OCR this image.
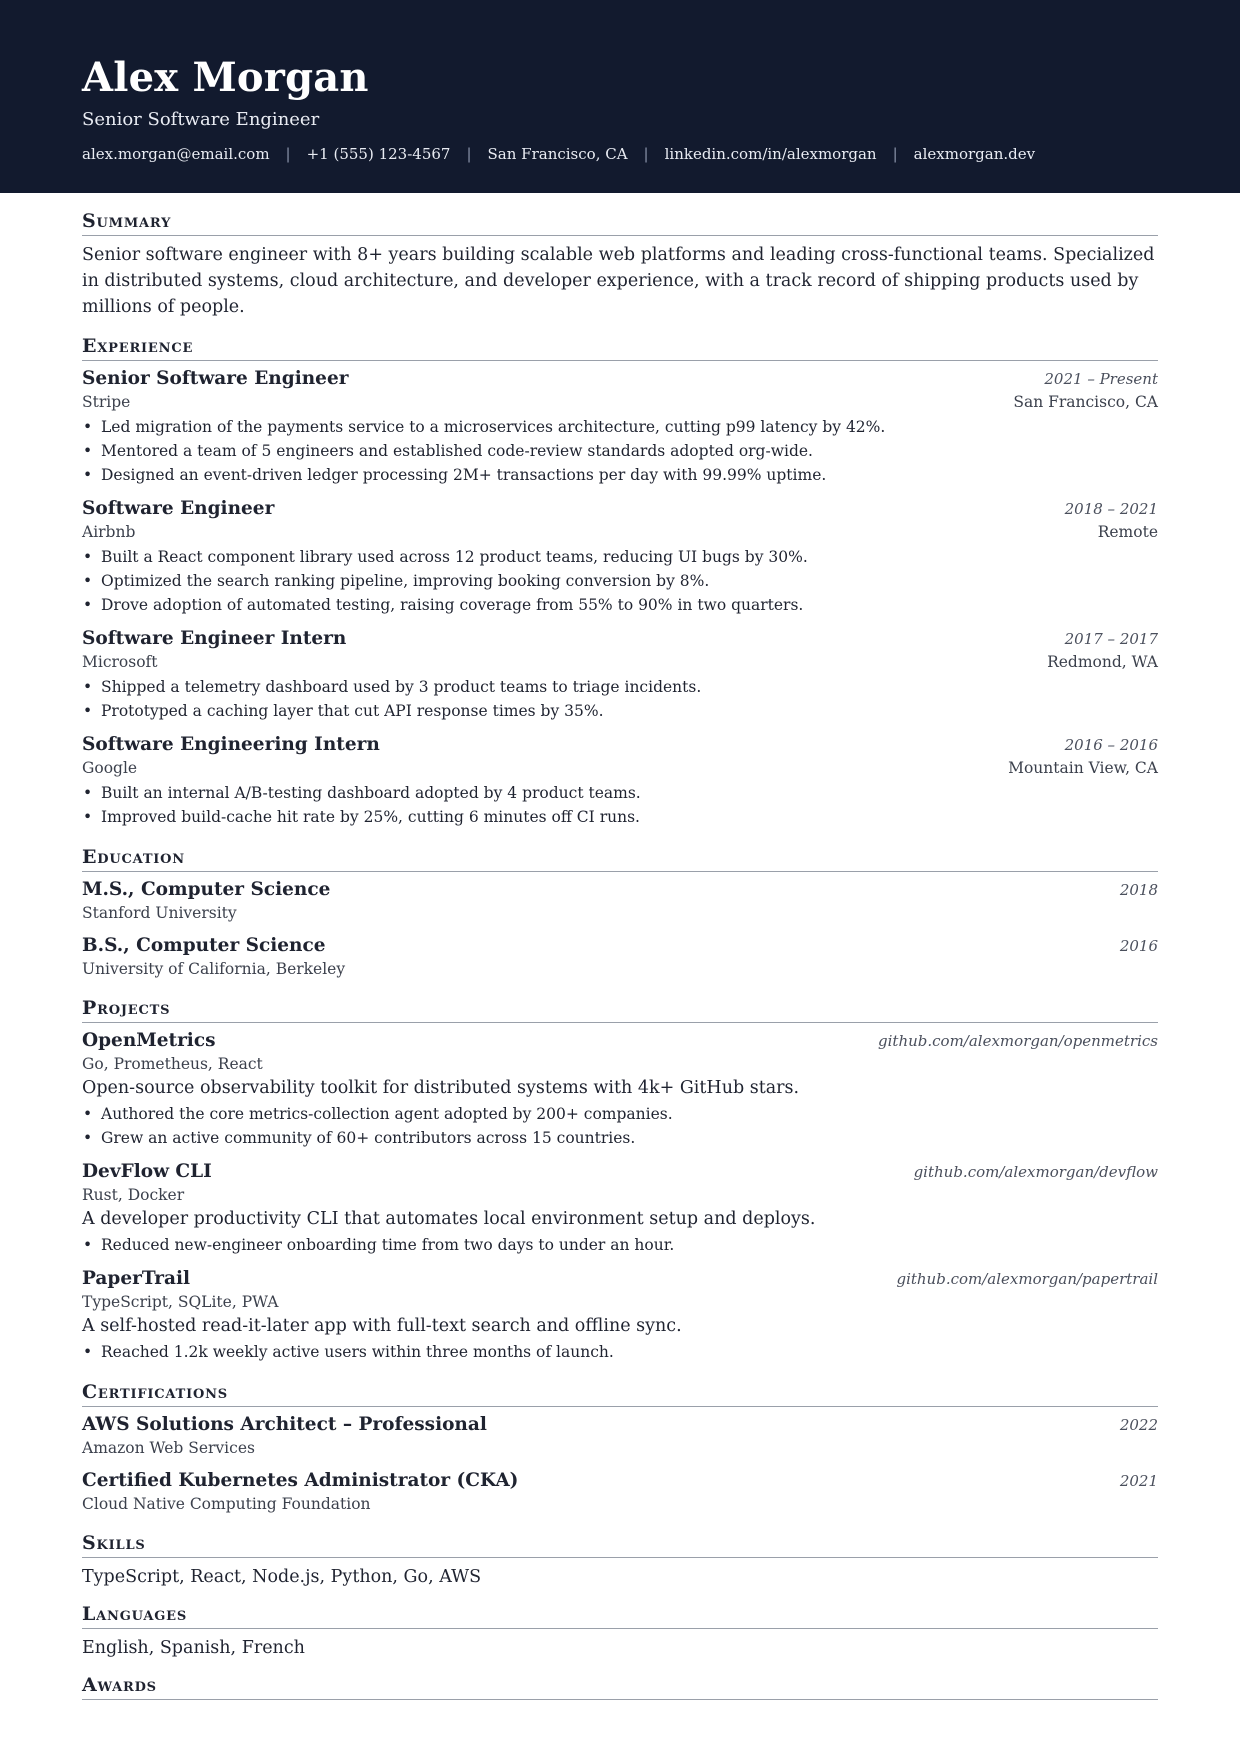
Alex Morgan
Senior Software Engineer
alex.morgan@email.com | +1 (555) 123-4567 | San Francisco, CA | linkedin.com/in/alexmorgan | alexmorgan.dev
Summary

Senior software engineer with 8+ years building scalable web platforms and leading cross-functional teams. Specialized in distributed systems, cloud architecture, and developer experience, with a track record of shipping products used by millions of people.

Experience
Senior Software Engineer	2021 – Present
Stripe	San Francisco, CA
• Led migration of the payments service to a microservices architecture, cutting p99 latency by 42%.
• Mentored a team of 5 engineers and established code-review standards adopted org-wide.
• Designed an event-driven ledger processing 2M+ transactions per day with 99.99% uptime.
Software Engineer	2018 – 2021
Airbnb	Remote
• Built a React component library used across 12 product teams, reducing UI bugs by 30%.
• Optimized the search ranking pipeline, improving booking conversion by 8%.
• Drove adoption of automated testing, raising coverage from 55% to 90% in two quarters.
Software Engineer Intern	2017 – 2017
Microsoft	Redmond, WA
• Shipped a telemetry dashboard used by 3 product teams to triage incidents.
• Prototyped a caching layer that cut API response times by 35%.
Software Engineering Intern	2016 – 2016
Google	Mountain View, CA
• Built an internal A/B-testing dashboard adopted by 4 product teams.
• Improved build-cache hit rate by 25%, cutting 6 minutes off CI runs.
Education
M.S., Computer Science	2018
Stanford University
B.S., Computer Science	2016
University of California, Berkeley
Projects
OpenMetrics	github.com/alexmorgan/openmetrics
Go, Prometheus, React
Open-source observability toolkit for distributed systems with 4k+ GitHub stars.
• Authored the core metrics-collection agent adopted by 200+ companies.
• Grew an active community of 60+ contributors across 15 countries.
DevFlow CLI	github.com/alexmorgan/devflow
Rust, Docker
A developer productivity CLI that automates local environment setup and deploys.
• Reduced new-engineer onboarding time from two days to under an hour.
PaperTrail	github.com/alexmorgan/papertrail
TypeScript, SQLite, PWA
A self-hosted read-it-later app with full-text search and offline sync.
• Reached 1.2k weekly active users within three months of launch.
Certifications
AWS Solutions Architect – Professional	2022
Amazon Web Services
Certified Kubernetes Administrator (CKA)	2021
Cloud Native Computing Foundation
Skills
TypeScript, React, Node.js, Python, Go, AWS
Languages
English, Spanish, French
Awards
